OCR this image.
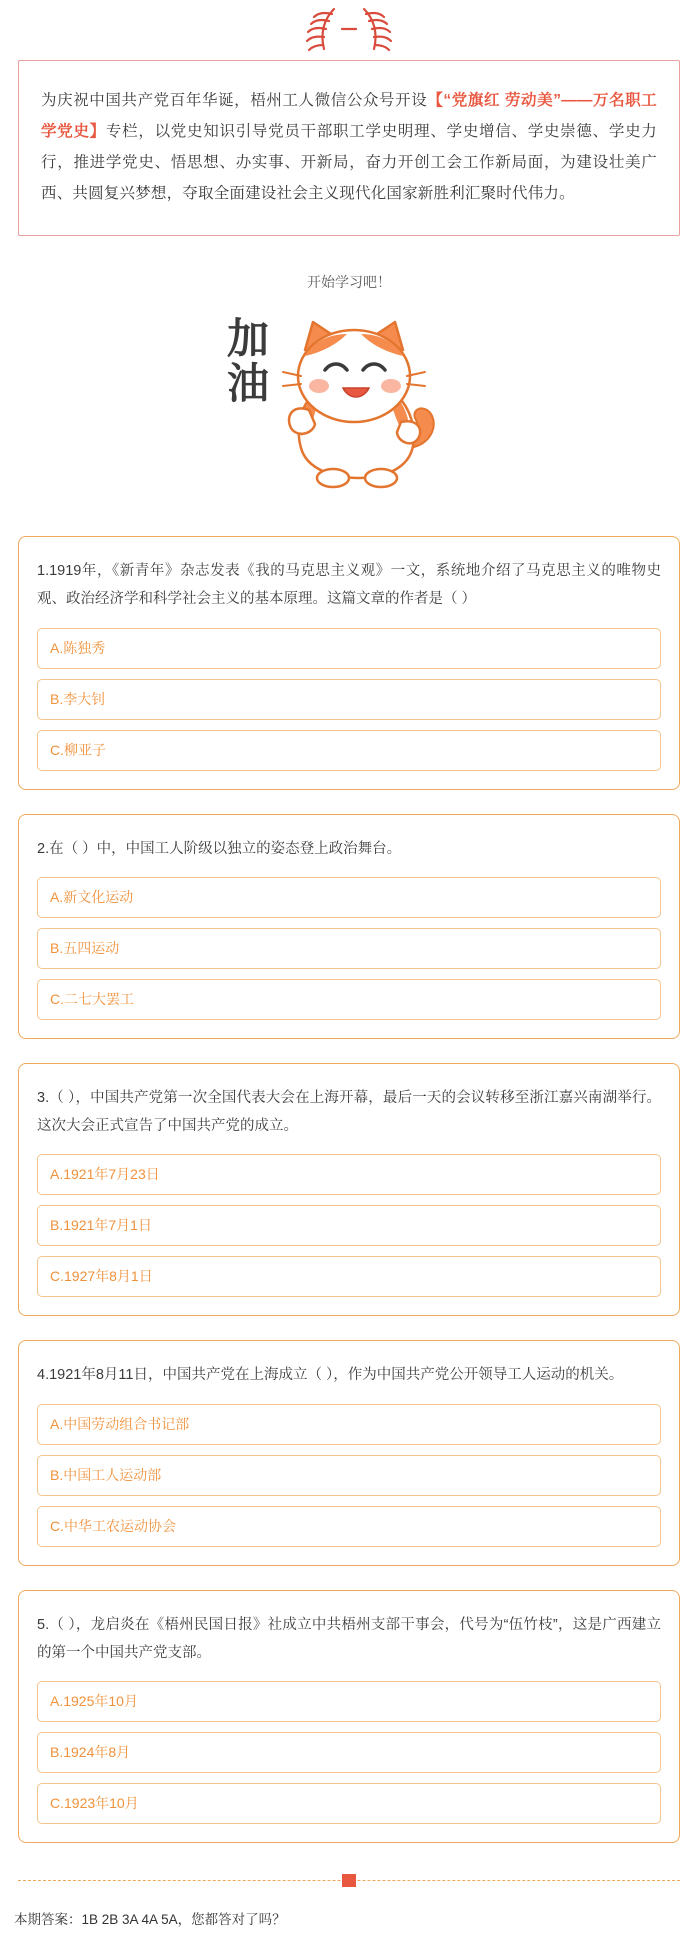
为庆祝中国共产党百年华诞，梧州工人微信公众号开设【“党旗红 劳动美”——万名职工学党史】专栏，以党史知识引导党员干部职工学史明理、学史增信、学史崇德、学史力行，推进学党史、悟思想、办实事、开新局，奋力开创工会工作新局面，为建设壮美广西、共圆复兴梦想，夺取全面建设社会主义现代化国家新胜利汇聚时代伟力。
开始学习吧！
加
油
1.1919年，《新青年》杂志发表《我的马克思主义观》一文，系统地介绍了马克思主义的唯物史观、政治经济学和科学社会主义的基本原理。这篇文章的作者是（ ）
A.陈独秀
B.李大钊
C.柳亚子
2.在（ ）中，中国工人阶级以独立的姿态登上政治舞台。
A.新文化运动
B.五四运动
C.二七大罢工
3.（ ），中国共产党第一次全国代表大会在上海开幕，最后一天的会议转移至浙江嘉兴南湖举行。这次大会正式宣告了中国共产党的成立。
A.1921年7月23日
B.1921年7月1日
C.1927年8月1日
4.1921年8月11日，中国共产党在上海成立（ ），作为中国共产党公开领导工人运动的机关。
A.中国劳动组合书记部
B.中国工人运动部
C.中华工农运动协会
5.（ ），龙启炎在《梧州民国日报》社成立中共梧州支部干事会，代号为“伍竹枝”，这是广西建立的第一个中国共产党支部。
A.1925年10月
B.1924年8月
C.1923年10月
本期答案：1B 2B 3A 4A 5A，您都答对了吗？
